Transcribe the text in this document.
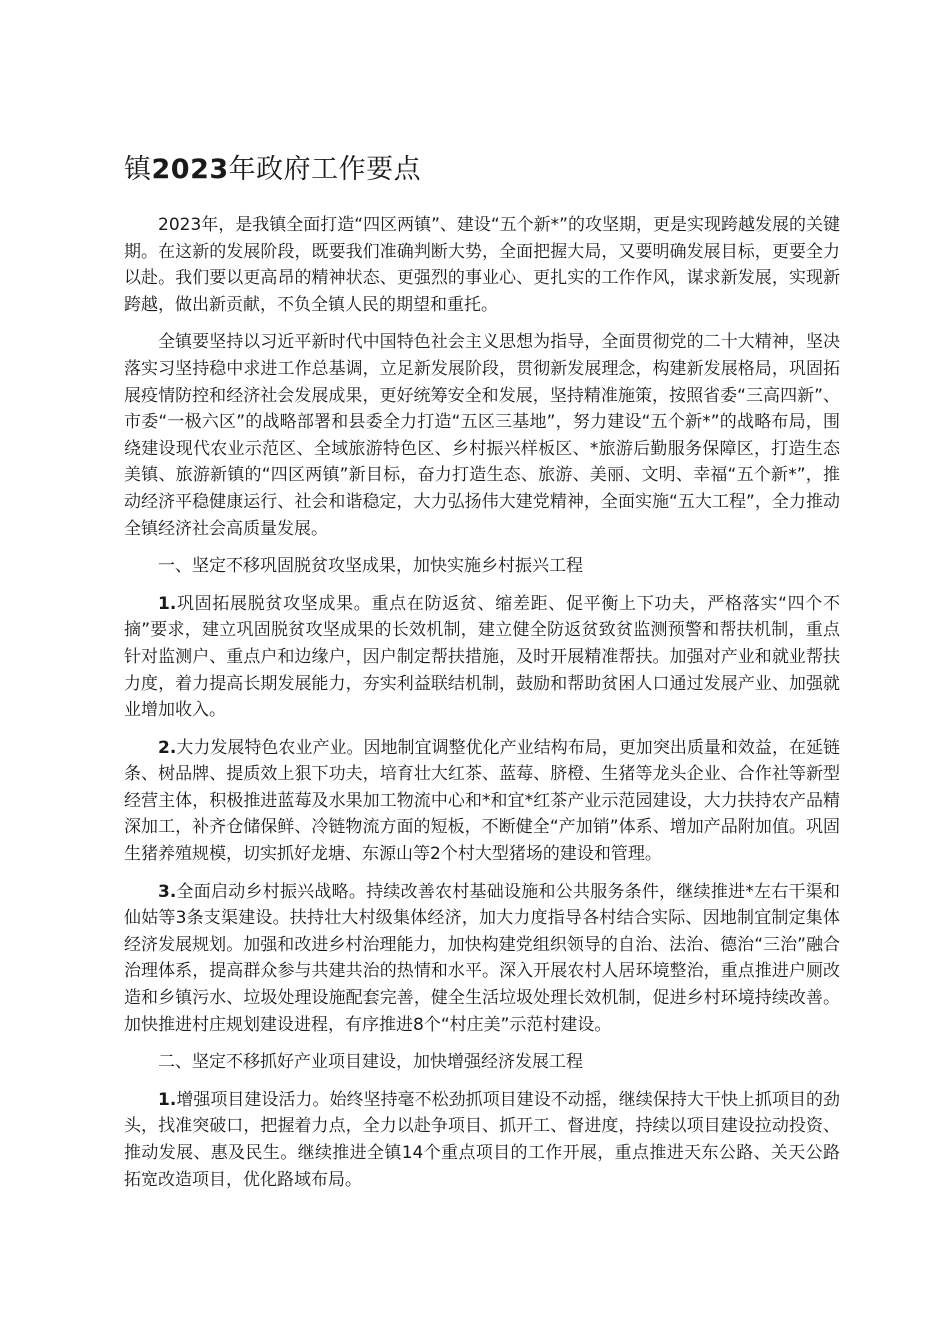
镇2023年政府工作要点

2023年，是我镇全面打造“四区两镇”、建设“五个新*”的攻坚期，更是实现跨越发展的关键期。在这新的发展阶段，既要我们准确判断大势，全面把握大局，又要明确发展目标，更要全力以赴。我们要以更高昂的精神状态、更强烈的事业心、更扎实的工作作风，谋求新发展，实现新跨越，做出新贡献，不负全镇人民的期望和重托。

全镇要坚持以习近平新时代中国特色社会主义思想为指导，全面贯彻党的二十大精神，坚决落实习坚持稳中求进工作总基调，立足新发展阶段，贯彻新发展理念，构建新发展格局，巩固拓展疫情防控和经济社会发展成果，更好统筹安全和发展，坚持精准施策，按照省委“三高四新”、市委“一极六区”的战略部署和县委全力打造“五区三基地”，努力建设“五个新*”的战略布局，围绕建设现代农业示范区、全域旅游特色区、乡村振兴样板区、*旅游后勤服务保障区，打造生态美镇、旅游新镇的“四区两镇”新目标，奋力打造生态、旅游、美丽、文明、幸福“五个新*”，推动经济平稳健康运行、社会和谐稳定，大力弘扬伟大建党精神，全面实施“五大工程”，全力推动全镇经济社会高质量发展。

一、坚定不移巩固脱贫攻坚成果，加快实施乡村振兴工程

1.巩固拓展脱贫攻坚成果。重点在防返贫、缩差距、促平衡上下功夫，严格落实“四个不摘”要求，建立巩固脱贫攻坚成果的长效机制，建立健全防返贫致贫监测预警和帮扶机制，重点针对监测户、重点户和边缘户，因户制定帮扶措施，及时开展精准帮扶。加强对产业和就业帮扶力度，着力提高长期发展能力，夯实利益联结机制，鼓励和帮助贫困人口通过发展产业、加强就业增加收入。

2.大力发展特色农业产业。因地制宜调整优化产业结构布局，更加突出质量和效益，在延链条、树品牌、提质效上狠下功夫，培育壮大红茶、蓝莓、脐橙、生猪等龙头企业、合作社等新型经营主体，积极推进蓝莓及水果加工物流中心和*和宜*红茶产业示范园建设，大力扶持农产品精深加工，补齐仓储保鲜、冷链物流方面的短板，不断健全“产加销”体系、增加产品附加值。巩固生猪养殖规模，切实抓好龙塘、东源山等2个村大型猪场的建设和管理。

3.全面启动乡村振兴战略。持续改善农村基础设施和公共服务条件，继续推进*左右干渠和仙姑等3条支渠建设。扶持壮大村级集体经济，加大力度指导各村结合实际、因地制宜制定集体经济发展规划。加强和改进乡村治理能力，加快构建党组织领导的自治、法治、德治“三治”融合治理体系，提高群众参与共建共治的热情和水平。深入开展农村人居环境整治，重点推进户厕改造和乡镇污水、垃圾处理设施配套完善，健全生活垃圾处理长效机制，促进乡村环境持续改善。加快推进村庄规划建设进程，有序推进8个“村庄美”示范村建设。

二、坚定不移抓好产业项目建设，加快增强经济发展工程

1.增强项目建设活力。始终坚持毫不松劲抓项目建设不动摇，继续保持大干快上抓项目的劲头，找准突破口，把握着力点，全力以赴争项目、抓开工、督进度，持续以项目建设拉动投资、推动发展、惠及民生。继续推进全镇14个重点项目的工作开展，重点推进天东公路、关天公路拓宽改造项目，优化路域布局。
